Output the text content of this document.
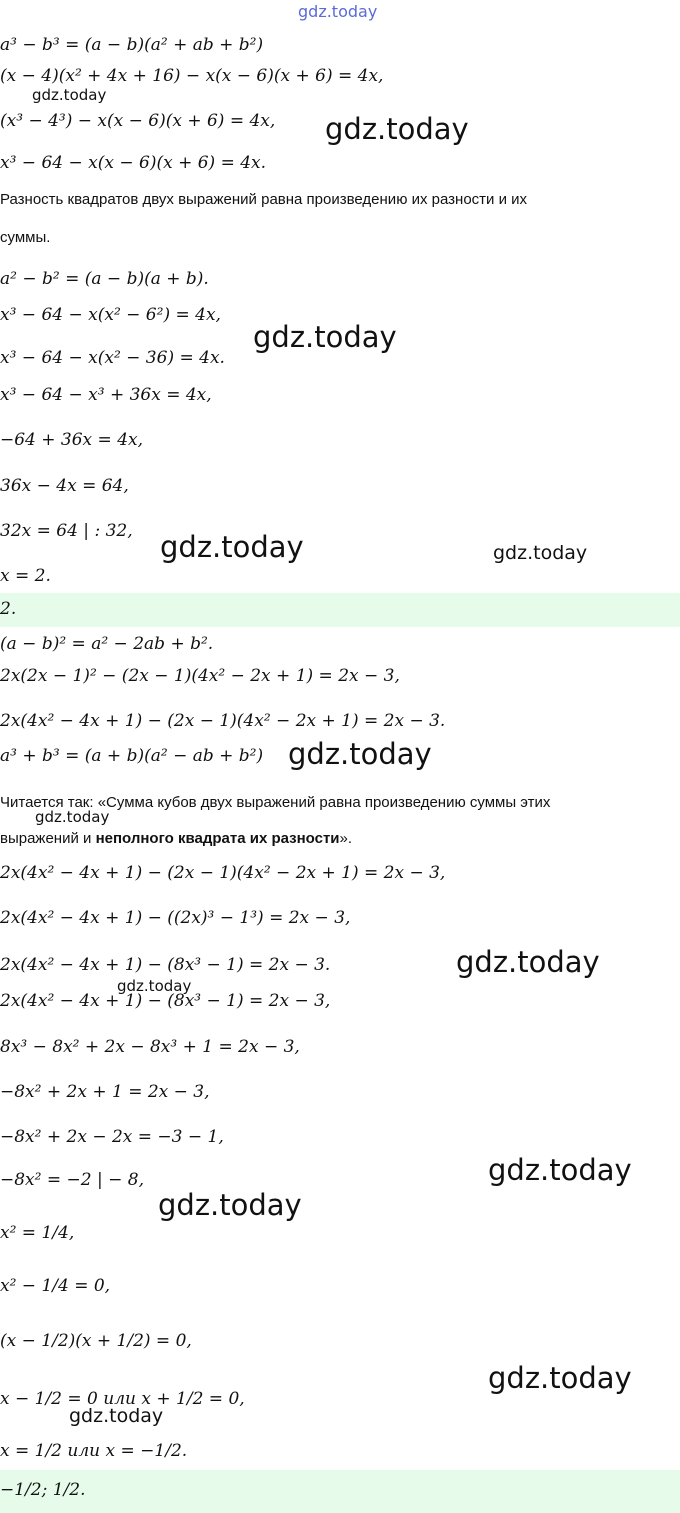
gdz.today
a³ − b³ = (a − b)(a² + ab + b²)
(x − 4)(x² + 4x + 16) − x(x − 6)(x + 6) = 4x,
(x³ − 4³) − x(x − 6)(x + 6) = 4x,
x³ − 64 − x(x − 6)(x + 6) = 4x.
Разность квадратов двух выражений равна произведению их разности и их
суммы.
a² − b² = (a − b)(a + b).
x³ − 64 − x(x² − 6²) = 4x,
x³ − 64 − x(x² − 36) = 4x.
x³ − 64 − x³ + 36x = 4x,
−64 + 36x = 4x,
36x − 4x = 64,
32x = 64 | : 32,
x = 2.
2.
(a − b)² = a² − 2ab + b².
2x(2x − 1)² − (2x − 1)(4x² − 2x + 1) = 2x − 3,
2x(4x² − 4x + 1) − (2x − 1)(4x² − 2x + 1) = 2x − 3.
a³ + b³ = (a + b)(a² − ab + b²)
Читается так: «Сумма кубов двух выражений равна произведению суммы этих
выражений и неполного квадрата их разности».
2x(4x² − 4x + 1) − (2x − 1)(4x² − 2x + 1) = 2x − 3,
2x(4x² − 4x + 1) − ((2x)³ − 1³) = 2x − 3,
2x(4x² − 4x + 1) − (8x³ − 1) = 2x − 3.
2x(4x² − 4x + 1) − (8x³ − 1) = 2x − 3,
8x³ − 8x² + 2x − 8x³ + 1 = 2x − 3,
−8x² + 2x + 1 = 2x − 3,
−8x² + 2x − 2x = −3 − 1,
−8x² = −2 | − 8,
x² = 1/4,
x² − 1/4 = 0,
(x − 1/2)(x + 1/2) = 0,
x − 1/2 = 0 или x + 1/2 = 0,
x = 1/2 или x = −1/2.
−1/2; 1/2.
gdz.today
gdz.today
gdz.today
gdz.today	gdz.today
gdz.today
gdz.today
gdz.today
gdz.today
gdz.today
gdz.today
gdz.today
gdz.today
